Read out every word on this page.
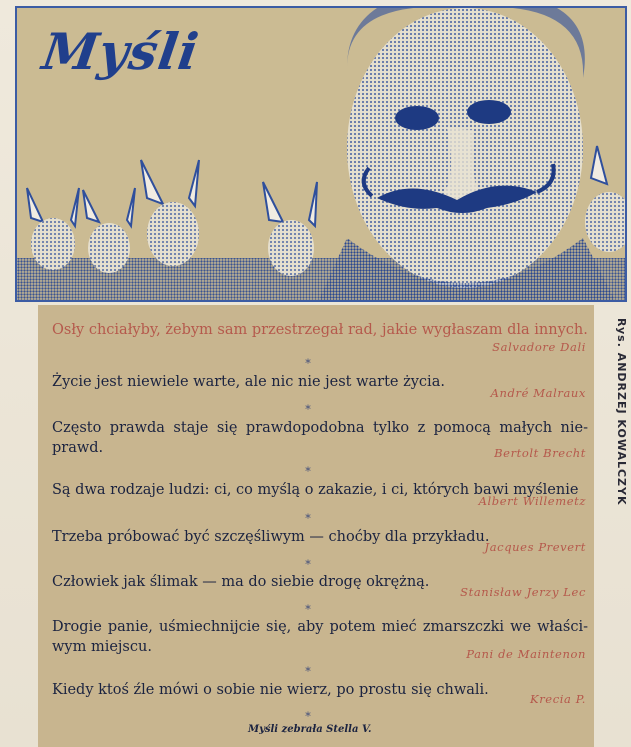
Myśli
Rys. ANDRZEJ KOWALCZYK
Osły chciałyby, żebym sam przestrzegał rad, jakie wygłaszam dla innych.
Salvadore Dali
*
Życie jest niewiele warte, ale nic nie jest warte życia.
André Malraux
*
Często prawda staje się prawdopodobna tylko z pomocą małych nie-prawd.	Bertolt Brecht
*
Są dwa rodzaje ludzi: ci, co myślą o zakazie, i ci, których bawi myślenie
Albert Willemetz
*
Trzeba próbować być szczęśliwym — choćby dla przykładu.
Jacques Prevert
*
Człowiek jak ślimak — ma do siebie drogę okrężną.
Stanisław Jerzy Lec
*
Drogie panie, uśmiechnijcie się, aby potem mieć zmarszczki we właści-wym miejscu.	Pani de Maintenon
*
Kiedy ktoś źle mówi o sobie nie wierz, po prostu się chwali.
Krecia P.
*
Myśli zebrała Stella V.
